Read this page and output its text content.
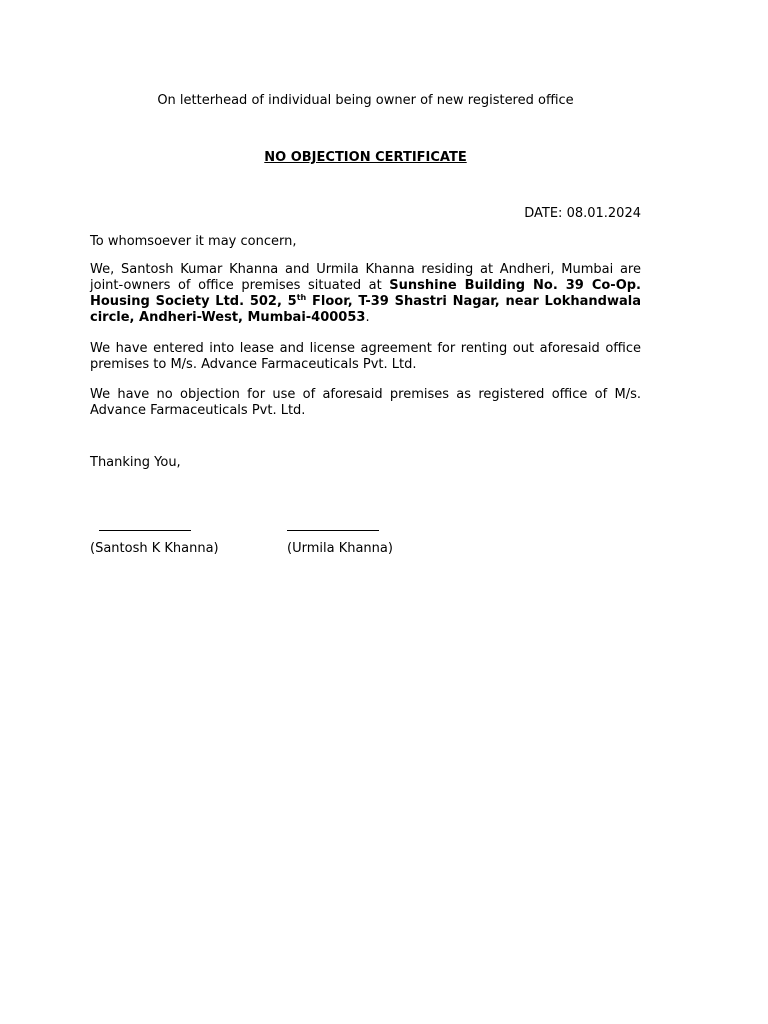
On letterhead of individual being owner of new registered office
NO OBJECTION CERTIFICATE
DATE: 08.01.2024
To whomsoever it may concern,
We, Santosh Kumar Khanna and Urmila Khanna residing at Andheri, Mumbai are joint-owners of office premises situated at Sunshine Building No. 39 Co-Op. Housing Society Ltd. 502, 5th Floor, T-39 Shastri Nagar, near Lokhandwala circle, Andheri-West, Mumbai-400053.
We have entered into lease and license agreement for renting out aforesaid office premises to M/s. Advance Farmaceuticals Pvt. Ltd.
We have no objection for use of aforesaid premises as registered office of M/s. Advance Farmaceuticals Pvt. Ltd.
Thanking You,
(Santosh K Khanna)	(Urmila Khanna)
